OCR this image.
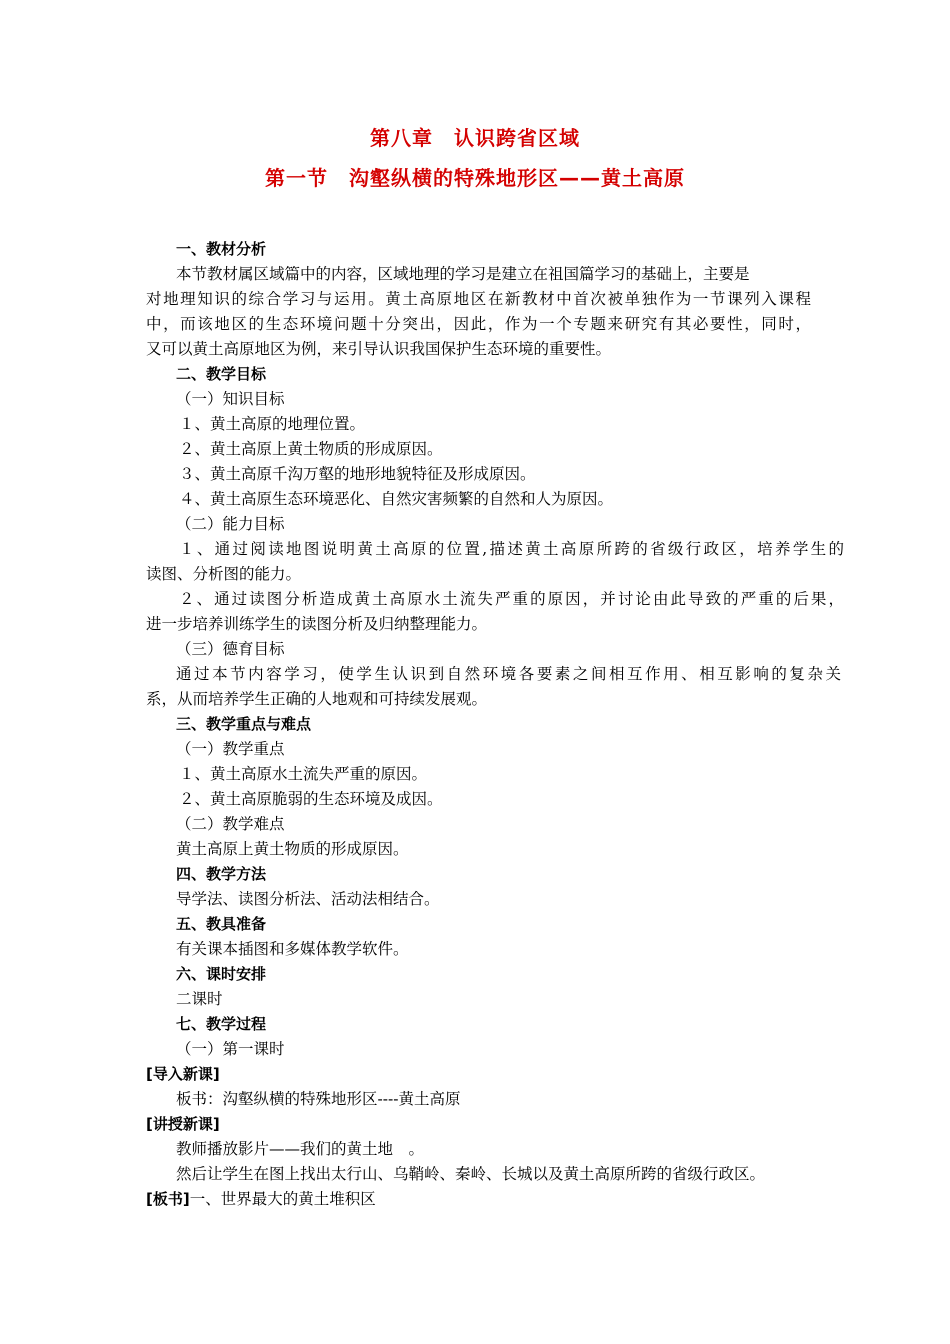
第八章　认识跨省区域
第一节　沟壑纵横的特殊地形区——黄土高原
一、教材分析
本节教材属区域篇中的内容，区域地理的学习是建立在祖国篇学习的基础上，主要是
对地理知识的综合学习与运用。黄土高原地区在新教材中首次被单独作为一节课列入课程
中，而该地区的生态环境问题十分突出，因此，作为一个专题来研究有其必要性，同时，
又可以黄土高原地区为例，来引导认识我国保护生态环境的重要性。
二、教学目标
（一）知识目标
１、黄土高原的地理位置。
２、黄土高原上黄土物质的形成原因。
３、黄土高原千沟万壑的地形地貌特征及形成原因。
４、黄土高原生态环境恶化、自然灾害频繁的自然和人为原因。
（二）能力目标
１、通过阅读地图说明黄土高原的位置,描述黄土高原所跨的省级行政区，培养学生的
读图、分析图的能力。
２、通过读图分析造成黄土高原水土流失严重的原因，并讨论由此导致的严重的后果，
进一步培养训练学生的读图分析及归纳整理能力。
（三）德育目标
通过本节内容学习，使学生认识到自然环境各要素之间相互作用、相互影响的复杂关
系，从而培养学生正确的人地观和可持续发展观。
三、教学重点与难点
（一）教学重点
１、黄土高原水土流失严重的原因。
２、黄土高原脆弱的生态环境及成因。
（二）教学难点
黄土高原上黄土物质的形成原因。
四、教学方法
导学法、读图分析法、活动法相结合。
五、教具准备
有关课本插图和多媒体教学软件。
六、课时安排
二课时
七、教学过程
（一）第一课时
[导入新课]
板书：沟壑纵横的特殊地形区----黄土高原
[讲授新课]
教师播放影片——我们的黄土地　。
然后让学生在图上找出太行山、乌鞘岭、秦岭、长城以及黄土高原所跨的省级行政区。
[板书]一、世界最大的黄土堆积区
